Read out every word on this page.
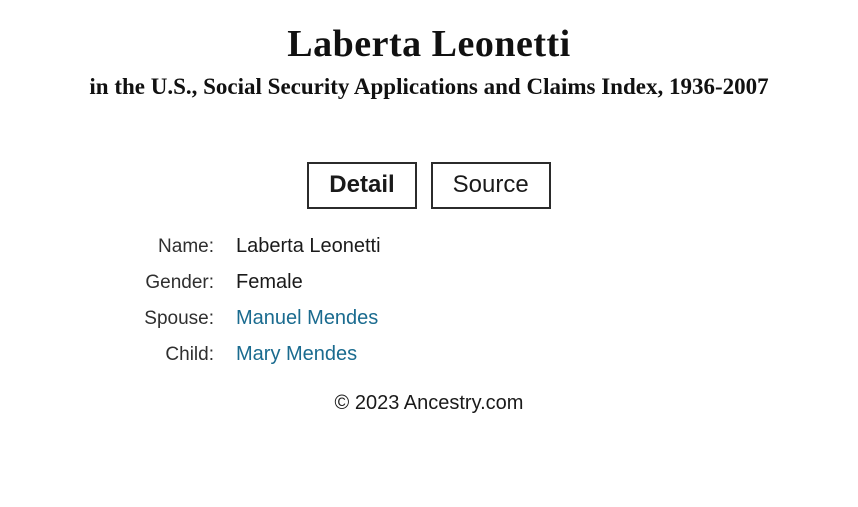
Laberta Leonetti
in the U.S., Social Security Applications and Claims Index, 1936-2007
Detail	Source
Name:	Laberta Leonetti
Gender:	Female
Spouse:	Manuel Mendes
Child:	Mary Mendes
© 2023 Ancestry.com
